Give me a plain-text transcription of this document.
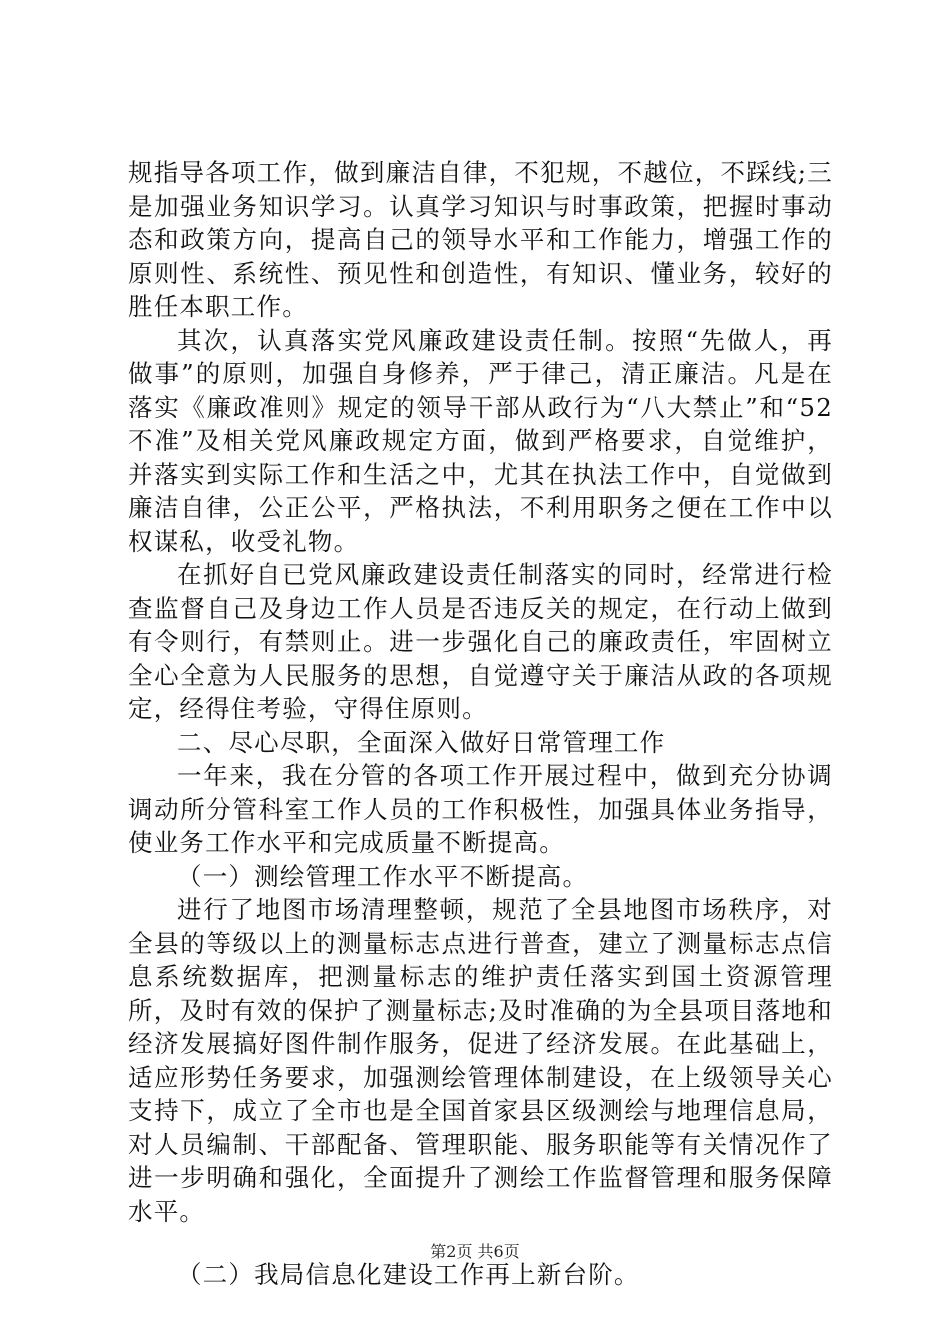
规指导各项工作，做到廉洁自律，不犯规，不越位，不踩线;三是加强业务知识学习。认真学习知识与时事政策，把握时事动态和政策方向，提高自己的领导水平和工作能力，增强工作的原则性、系统性、预见性和创造性，有知识、懂业务，较好的胜任本职工作。

其次，认真落实党风廉政建设责任制。按照“先做人，再做事”的原则，加强自身修养，严于律己，清正廉洁。凡是在落实《廉政准则》规定的领导干部从政行为“八大禁止”和“52不准”及相关党风廉政规定方面，做到严格要求，自觉维护，并落实到实际工作和生活之中，尤其在执法工作中，自觉做到廉洁自律，公正公平，严格执法，不利用职务之便在工作中以权谋私，收受礼物。

在抓好自已党风廉政建设责任制落实的同时，经常进行检查监督自己及身边工作人员是否违反关的规定，在行动上做到有令则行，有禁则止。进一步强化自己的廉政责任，牢固树立全心全意为人民服务的思想，自觉遵守关于廉洁从政的各项规定，经得住考验，守得住原则。

二、尽心尽职，全面深入做好日常管理工作

一年来，我在分管的各项工作开展过程中，做到充分协调调动所分管科室工作人员的工作积极性，加强具体业务指导，使业务工作水平和完成质量不断提高。

（一）测绘管理工作水平不断提高。

进行了地图市场清理整顿，规范了全县地图市场秩序，对全县的等级以上的测量标志点进行普查，建立了测量标志点信息系统数据库，把测量标志的维护责任落实到国土资源管理所，及时有效的保护了测量标志;及时准确的为全县项目落地和经济发展搞好图件制作服务，促进了经济发展。在此基础上，适应形势任务要求，加强测绘管理体制建设，在上级领导关心支持下，成立了全市也是全国首家县区级测绘与地理信息局，对人员编制、干部配备、管理职能、服务职能等有关情况作了进一步明确和强化，全面提升了测绘工作监督管理和服务保障水平。

（二）我局信息化建设工作再上新台阶。

第2页 共6页
